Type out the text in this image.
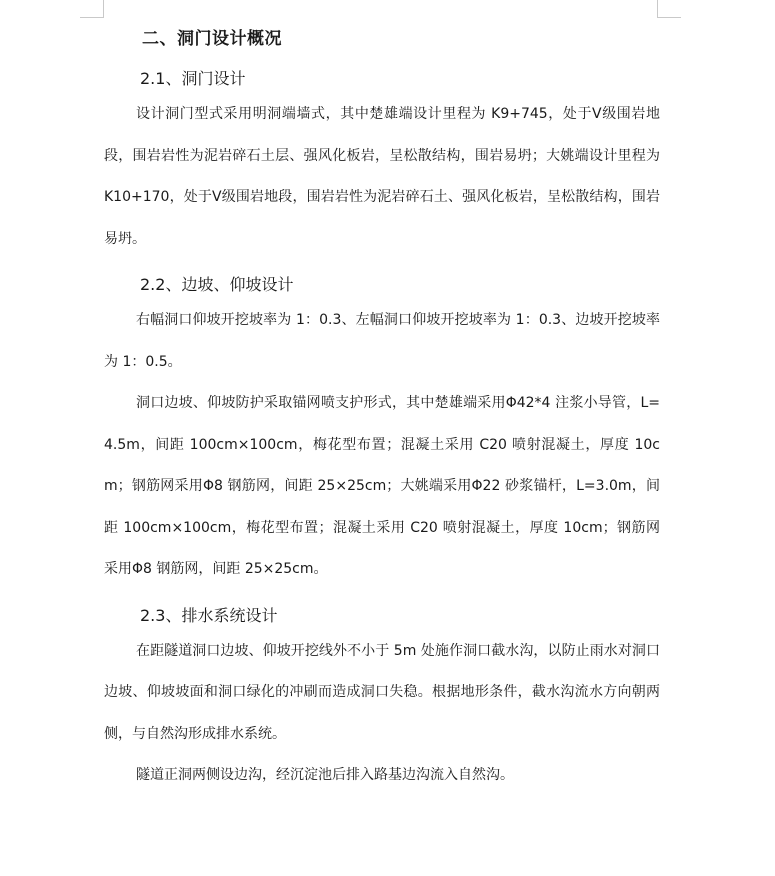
二、洞门设计概况
2.1、洞门设计

设计洞门型式采用明洞端墙式，其中楚雄端设计里程为 K9+745，处于Ⅴ级围岩地段，围岩岩性为泥岩碎石土层、强风化板岩，呈松散结构，围岩易坍；大姚端设计里程为 K10+170，处于Ⅴ级围岩地段，围岩岩性为泥岩碎石土、强风化板岩，呈松散结构，围岩易坍。

2.2、边坡、仰坡设计

右幅洞口仰坡开挖坡率为 1：0.3、左幅洞口仰坡开挖坡率为 1：0.3、边坡开挖坡率为 1：0.5。

洞口边坡、仰坡防护采取锚网喷支护形式，其中楚雄端采用Φ42*4 注浆小导管，L=4.5m，间距 100cm×100cm，梅花型布置；混凝土采用 C20 喷射混凝土，厚度 10cm；钢筋网采用Φ8 钢筋网，间距 25×25cm；大姚端采用Φ22 砂浆锚杆，L=3.0m，间距 100cm×100cm，梅花型布置；混凝土采用 C20 喷射混凝土，厚度 10cm；钢筋网采用Φ8 钢筋网，间距 25×25cm。

2.3、排水系统设计

在距隧道洞口边坡、仰坡开挖线外不小于 5m 处施作洞口截水沟，以防止雨水对洞口边坡、仰坡坡面和洞口绿化的冲刷而造成洞口失稳。根据地形条件，截水沟流水方向朝两侧，与自然沟形成排水系统。

隧道正洞两侧设边沟，经沉淀池后排入路基边沟流入自然沟。
